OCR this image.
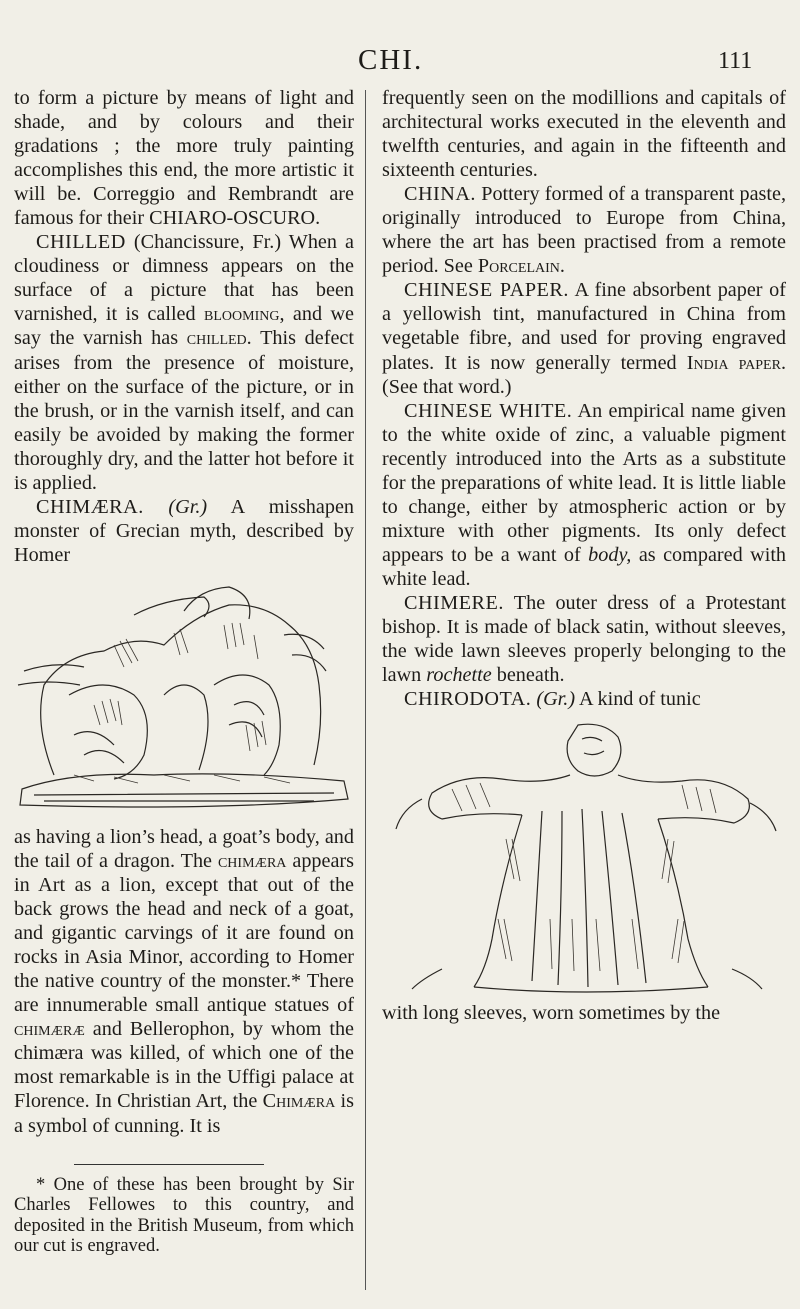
CHI.	111

to form a picture by means of light and shade, and by colours and their gradations ; the more truly painting accomplishes this end, the more artistic it will be. Correggio and Rembrandt are famous for their CHIARO-OSCURO.

CHILLED (Chancissure, Fr.) When a cloudiness or dimness appears on the surface of a picture that has been varnished, it is called blooming, and we say the varnish has chilled. This defect arises from the presence of moisture, either on the surface of the picture, or in the brush, or in the varnish itself, and can easily be avoided by making the former thoroughly dry, and the latter hot before it is applied.

CHIMÆRA. (Gr.) A misshapen monster of Grecian myth, described by Homer

as having a lion’s head, a goat’s body, and the tail of a dragon. The chimæra appears in Art as a lion, except that out of the back grows the head and neck of a goat, and gigantic carvings of it are found on rocks in Asia Minor, according to Homer the native country of the monster.* There are innumerable small antique statues of chimæræ and Bellerophon, by whom the chimæra was killed, of which one of the most remarkable is in the Uffigi palace at Florence. In Christian Art, the Chimæra is a symbol of cunning. It is

* One of these has been brought by Sir Charles Fellowes to this country, and deposited in the British Museum, from which our cut is engraved.

frequently seen on the modillions and capitals of architectural works executed in the eleventh and twelfth centuries, and again in the fifteenth and sixteenth centuries.

CHINA. Pottery formed of a transparent paste, originally introduced to Europe from China, where the art has been practised from a remote period. See Porcelain.

CHINESE PAPER. A fine absorbent paper of a yellowish tint, manufactured in China from vegetable fibre, and used for proving engraved plates. It is now generally termed India paper. (See that word.)

CHINESE WHITE. An empirical name given to the white oxide of zinc, a valuable pigment recently introduced into the Arts as a substitute for the preparations of white lead. It is little liable to change, either by atmospheric action or by mixture with other pigments. Its only defect appears to be a want of body, as compared with white lead.

CHIMERE. The outer dress of a Protestant bishop. It is made of black satin, without sleeves, the wide lawn sleeves properly belonging to the lawn rochette beneath.

CHIRODOTA. (Gr.) A kind of tunic

with long sleeves, worn sometimes by the
